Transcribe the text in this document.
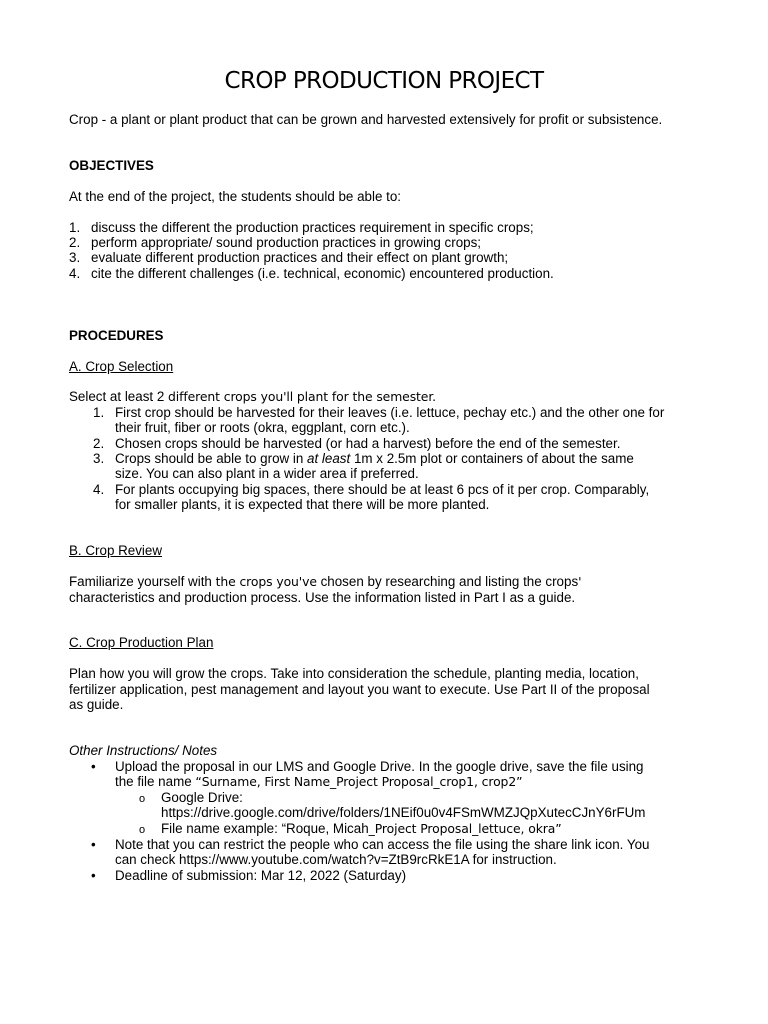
CROP PRODUCTION PROJECT
Crop - a plant or plant product that can be grown and harvested extensively for profit or subsistence.
OBJECTIVES
At the end of the project, the students should be able to:
1. discuss the different the production practices requirement in specific crops;
2. perform appropriate/ sound production practices in growing crops;
3. evaluate different production practices and their effect on plant growth;
4. cite the different challenges (i.e. technical, economic) encountered production.
PROCEDURES
A. Crop Selection
Select at least 2 different crops you'll plant for the semester.
1. First crop should be harvested for their leaves (i.e. lettuce, pechay etc.) and the other one for
their fruit, fiber or roots (okra, eggplant, corn etc.).
2. Chosen crops should be harvested (or had a harvest) before the end of the semester.
3. Crops should be able to grow in at least 1m x 2.5m plot or containers of about the same
size. You can also plant in a wider area if preferred.
4. For plants occupying big spaces, there should be at least 6 pcs of it per crop. Comparably,
for smaller plants, it is expected that there will be more planted.
B. Crop Review
Familiarize yourself with the crops you've chosen by researching and listing the crops'
characteristics and production process. Use the information listed in Part I as a guide.
C. Crop Production Plan
Plan how you will grow the crops. Take into consideration the schedule, planting media, location,
fertilizer application, pest management and layout you want to execute. Use Part II of the proposal
as guide.
Other Instructions/ Notes
• Upload the proposal in our LMS and Google Drive. In the google drive, save the file using
the file name “Surname, First Name_Project Proposal_crop1, crop2”
o Google Drive:
https://drive.google.com/drive/folders/1NEif0u0v4FSmWMZJQpXutecCJnY6rFUm
o File name example: “Roque, Micah_Project Proposal_lettuce, okra”
• Note that you can restrict the people who can access the file using the share link icon. You
can check https://www.youtube.com/watch?v=ZtB9rcRkE1A for instruction.
• Deadline of submission: Mar 12, 2022 (Saturday)
